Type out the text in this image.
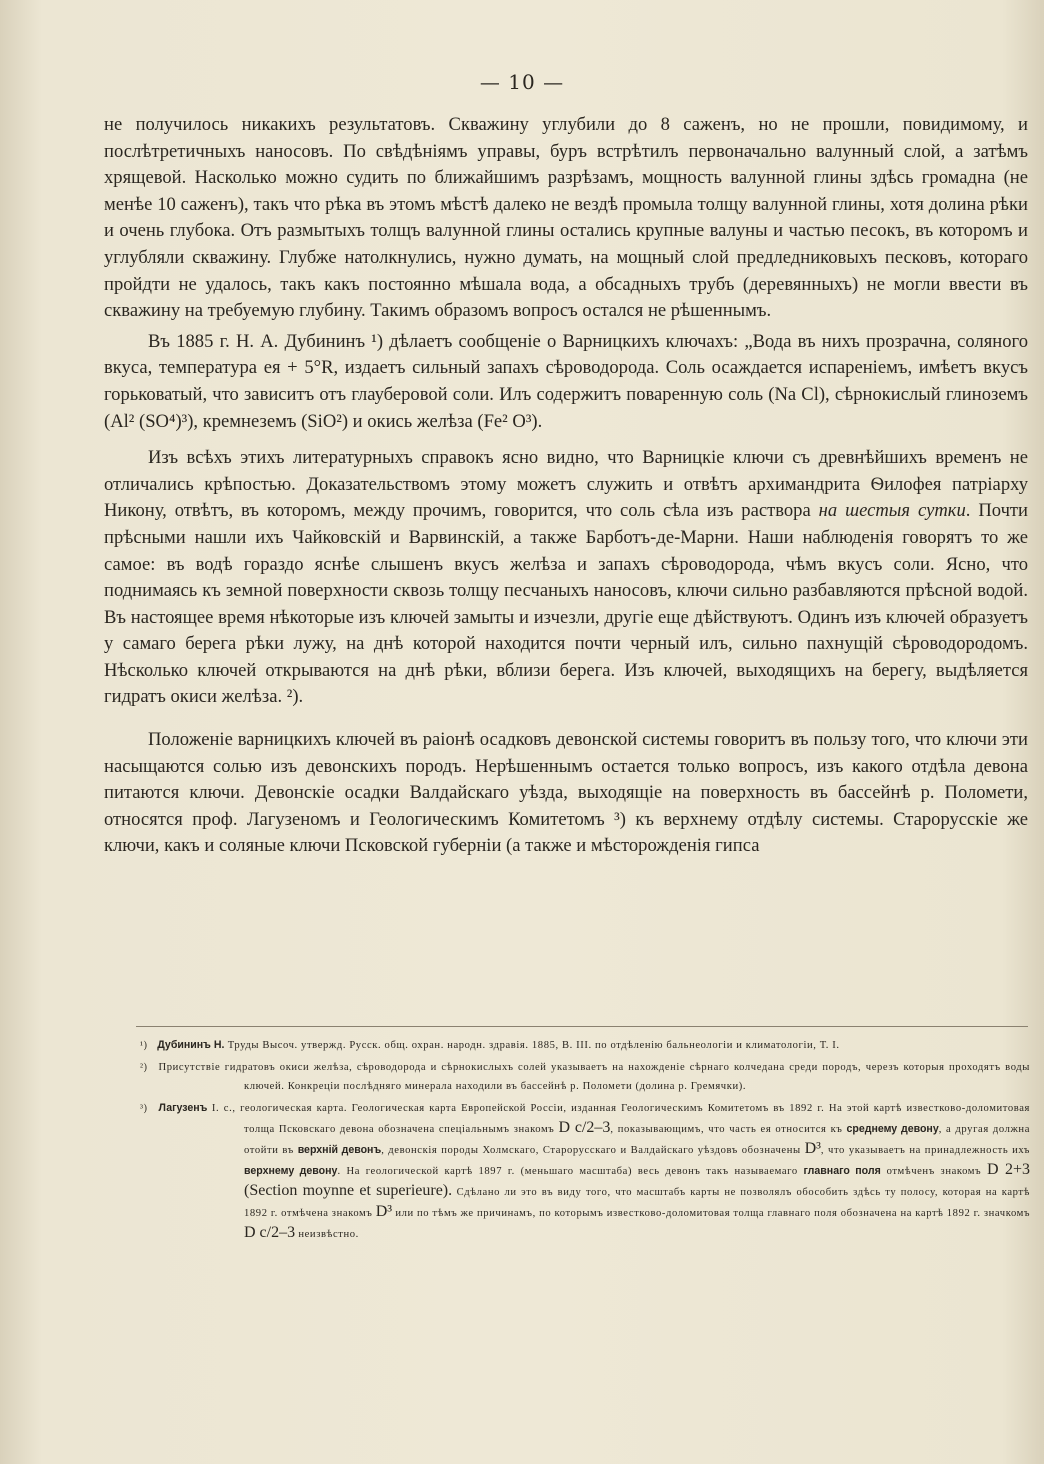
— 10 —

не получилось никакихъ результатовъ. Скважину углубили до 8 саженъ, но не прошли, повидимому, и послѣтретичныхъ наносовъ. По свѣдѣніямъ управы, буръ встрѣтилъ первоначально валунный слой, а затѣмъ хрящевой. Насколько можно судить по ближайшимъ разрѣзамъ, мощность валунной глины здѣсь громадна (не менѣе 10 саженъ), такъ что рѣка въ этомъ мѣстѣ далеко не вездѣ промыла толщу валунной глины, хотя долина рѣки и очень глубока. Отъ размытыхъ толщъ валунной глины остались крупные валуны и частью песокъ, въ которомъ и углубляли скважину. Глубже натолкнулись, нужно думать, на мощный слой предледниковыхъ песковъ, котораго пройдти не удалось, такъ какъ постоянно мѣшала вода, а обсадныхъ трубъ (деревянныхъ) не могли ввести въ скважину на требуемую глубину. Такимъ образомъ вопросъ остался не рѣшеннымъ.

Въ 1885 г. Н. А. Дубининъ ¹) дѣлаетъ сообщеніе о Варницкихъ ключахъ: „Вода въ нихъ прозрачна, соляного вкуса, температура ея + 5°R, издаетъ сильный запахъ сѣроводорода. Соль осаждается испареніемъ, имѣетъ вкусъ горьковатый, что зависитъ отъ глауберовой соли. Илъ содержитъ поваренную соль (Na Cl), сѣрнокислый глиноземъ (Al² (SO⁴)³), кремнеземъ (SiO²) и окись желѣза (Fe² O³).

Изъ всѣхъ этихъ литературныхъ справокъ ясно видно, что Варницкіе ключи съ древнѣйшихъ временъ не отличались крѣпостью. Доказательствомъ этому можетъ служить и отвѣтъ архимандрита Ѳилофея патріарху Никону, отвѣтъ, въ которомъ, между прочимъ, говорится, что соль сѣла изъ раствора на шестыя сутки. Почти прѣсными нашли ихъ Чайковскій и Варвинскій, а также Барботъ-де-Марни. Наши наблюденія говорятъ то же самое: въ водѣ гораздо яснѣе слышенъ вкусъ желѣза и запахъ сѣроводорода, чѣмъ вкусъ соли. Ясно, что поднимаясь къ земной поверхности сквозь толщу песчаныхъ наносовъ, ключи сильно разбавляются прѣсной водой. Въ настоящее время нѣкоторые изъ ключей замыты и изчезли, другіе еще дѣйствуютъ. Одинъ изъ ключей образуетъ у самаго берега рѣки лужу, на днѣ которой находится почти черный илъ, сильно пахнущій сѣроводородомъ. Нѣсколько ключей открываются на днѣ рѣки, вблизи берега. Изъ ключей, выходящихъ на берегу, выдѣляется гидратъ окиси желѣза. ²).

Положеніе варницкихъ ключей въ раіонѣ осадковъ девонской системы говоритъ въ пользу того, что ключи эти насыщаются солью изъ девонскихъ породъ. Нерѣшеннымъ остается только вопросъ, изъ какого отдѣла девона питаются ключи. Девонскіе осадки Валдайскаго уѣзда, выходящіе на поверхность въ бассейнѣ р. Поломети, относятся проф. Лагузеномъ и Геологическимъ Комитетомъ ³) къ верхнему отдѣлу системы. Старорусскіе же ключи, какъ и соляные ключи Псковской губерніи (а также и мѣсторожденія гипса

¹) Дубининъ Н. Труды Высоч. утвержд. Русск. общ. охран. народн. здравія. 1885, В. III. по отдѣленію бальнеологіи и климатологіи, Т. I.
²) Присутствіе гидратовъ окиси желѣза, сѣроводорода и сѣрнокислыхъ солей указываетъ на нахожденіе сѣрнаго колчедана среди породъ, черезъ которыя проходятъ воды ключей. Конкреціи послѣдняго минерала находили въ бассейнѣ р. Поломети (долина р. Гремячки).
³) Лагузенъ I. с., геологическая карта. Геологическая карта Европейской Россіи, изданная Геологическимъ Комитетомъ въ 1892 г. На этой картѣ известково-доломитовая толща Псковскаго девона обозначена спеціальнымъ знакомъ D c/2–3, показывающимъ, что часть ея относится къ среднему девону, а другая должна отойти въ верхній девонъ, девонскія породы Холмскаго, Старорусскаго и Валдайскаго уѣздовъ обозначены D³, что указываетъ на принадлежность ихъ верхнему девону. На геологической картѣ 1897 г. (меньшаго масштаба) весь девонъ такъ называемаго главнаго поля отмѣченъ знакомъ D 2+3 (Section moynne et superieure). Сдѣлано ли это въ виду того, что масштабъ карты не позволялъ обособить здѣсь ту полосу, которая на картѣ 1892 г. отмѣчена знакомъ D³ или по тѣмъ же причинамъ, по которымъ известково-доломитовая толща главнаго поля обозначена на картѣ 1892 г. значкомъ D c/2–3 неизвѣстно.
